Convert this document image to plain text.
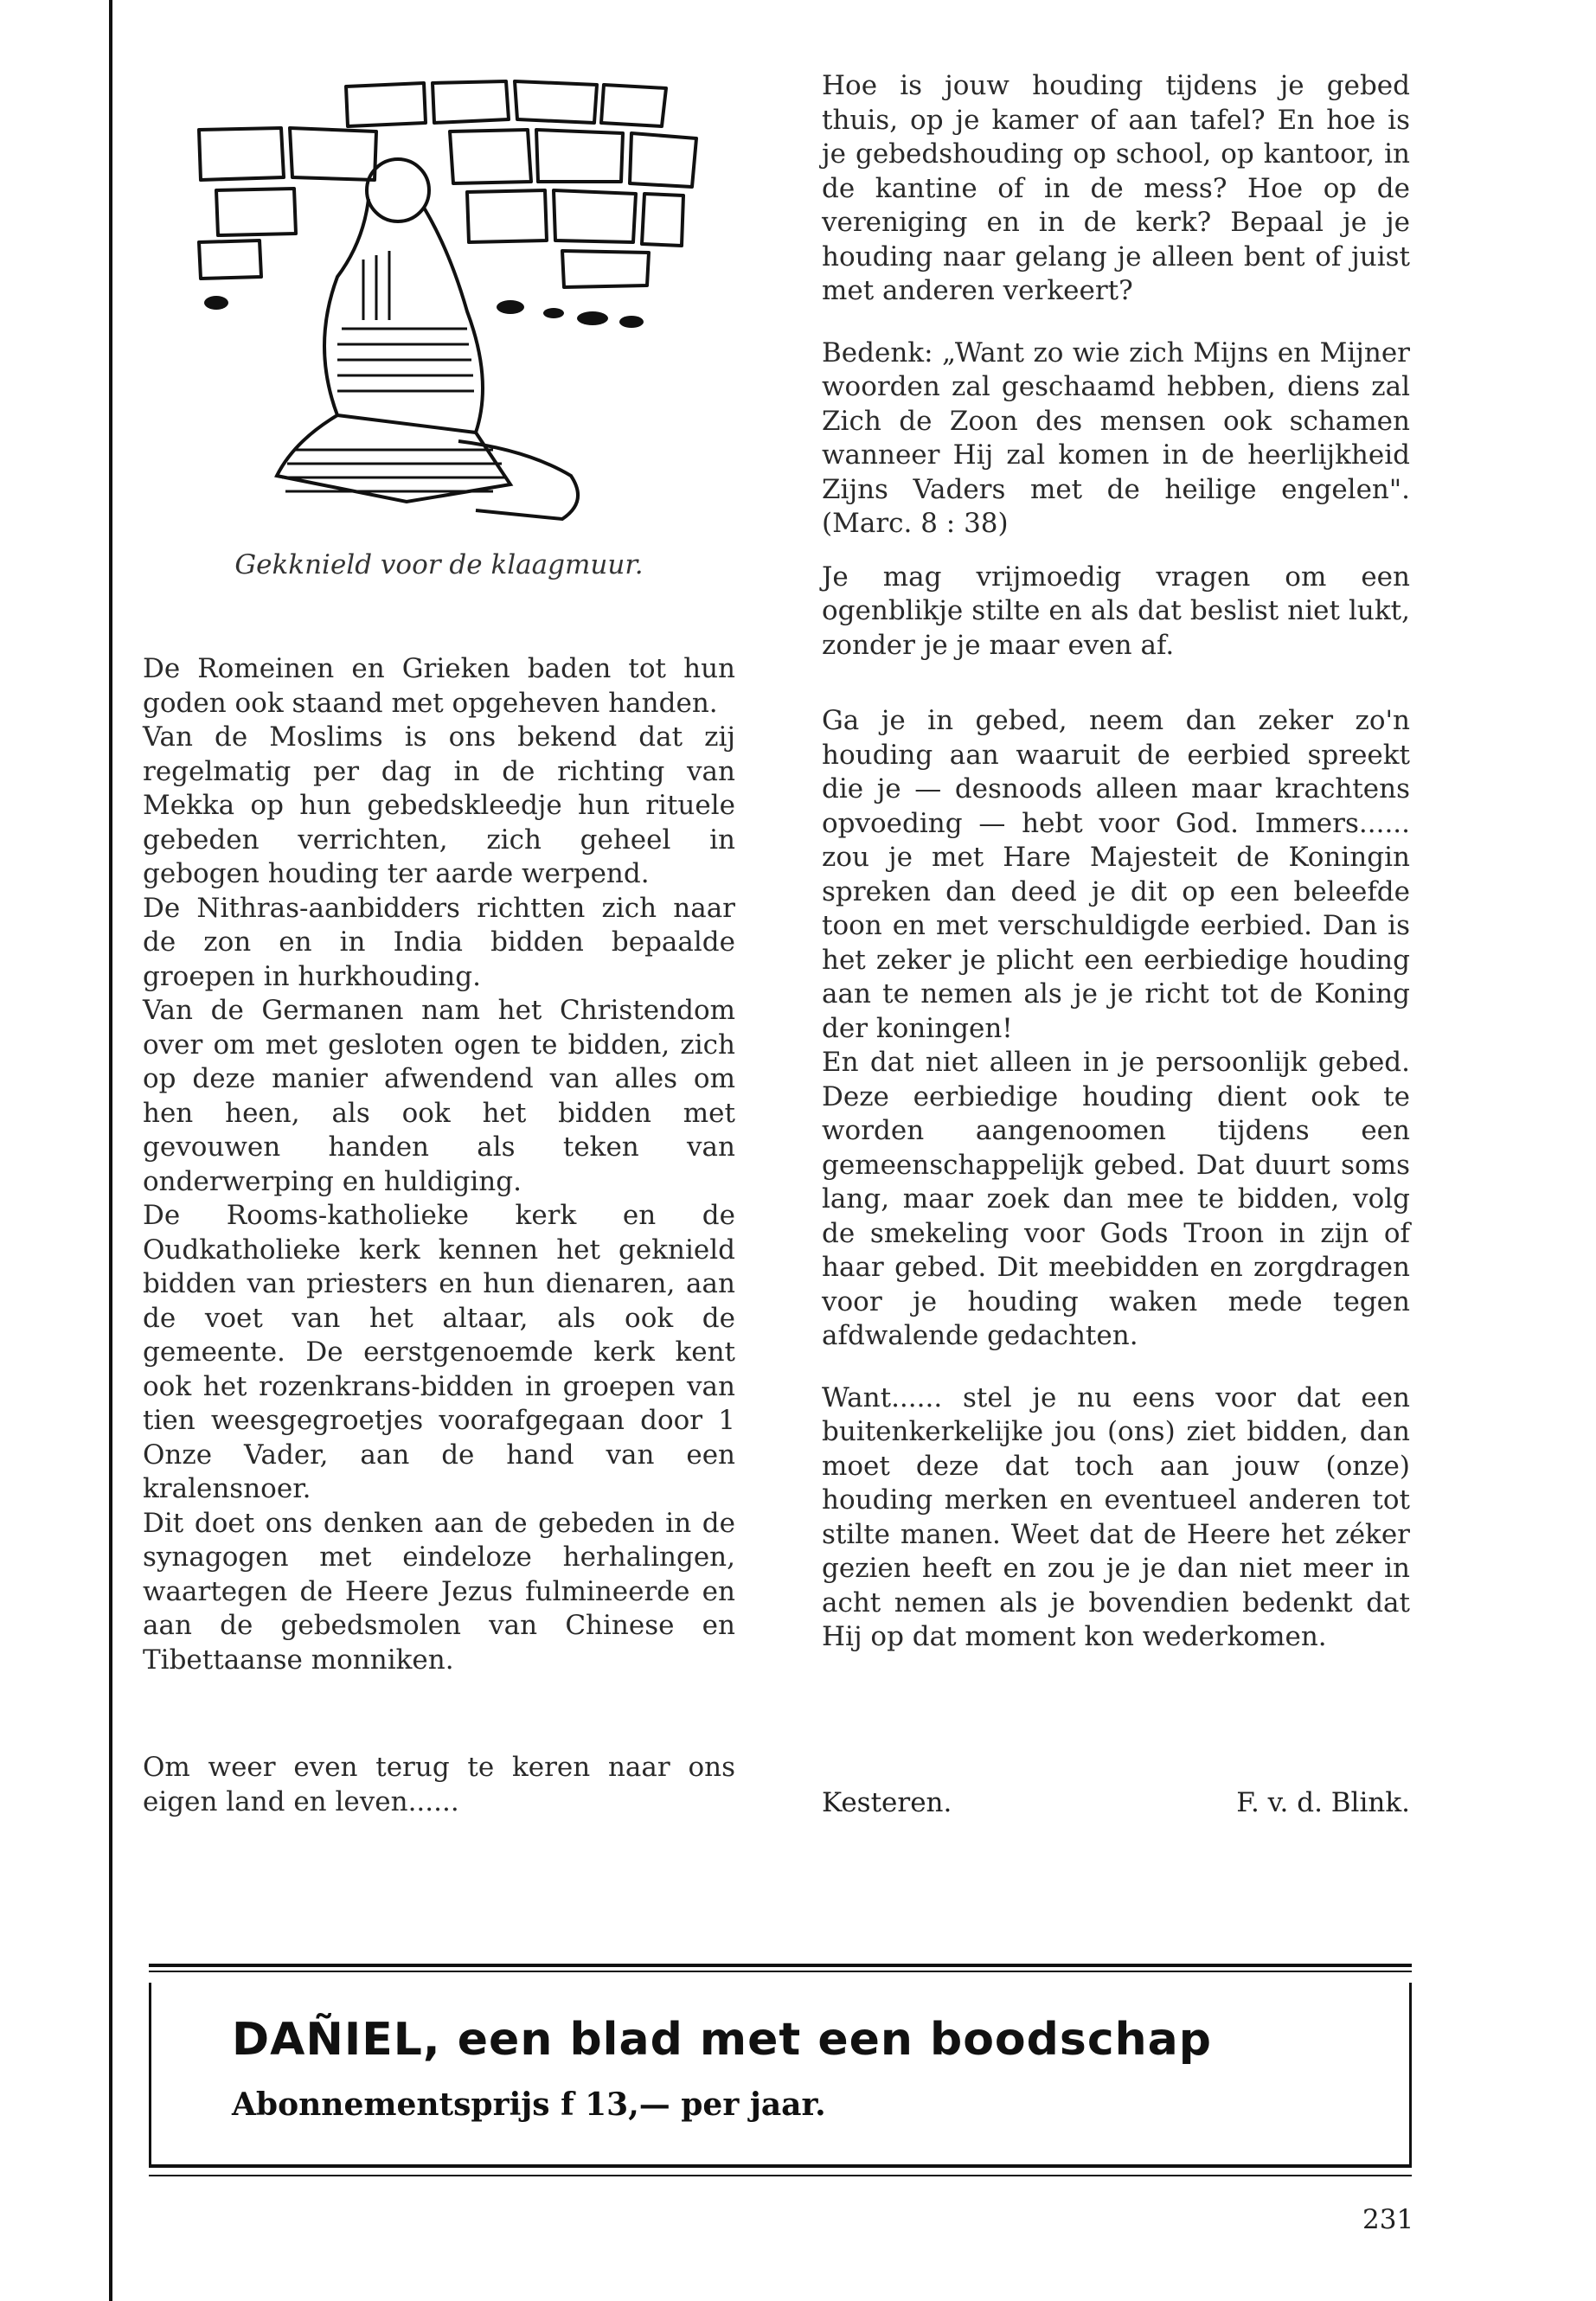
Gekknield voor de klaagmuur.

De Romeinen en Grieken baden tot hun goden ook staand met opgeheven handen.

Van de Moslims is ons bekend dat zij regelmatig per dag in de richting van Mekka op hun gebedskleedje hun rituele gebeden verrichten, zich geheel in gebogen houding ter aarde werpend.

De Nithras-aanbidders richtten zich naar de zon en in India bidden bepaalde groepen in hurkhouding.

Van de Germanen nam het Christendom over om met gesloten ogen te bidden, zich op deze manier afwendend van alles om hen heen, als ook het bidden met gevouwen handen als teken van onderwerping en huldiging.

De Rooms-katholieke kerk en de Oudkatholieke kerk kennen het geknield bidden van priesters en hun dienaren, aan de voet van het altaar, als ook de gemeente. De eerstgenoemde kerk kent ook het rozenkrans-bidden in groepen van tien weesgegroetjes voorafgegaan door 1 Onze Vader, aan de hand van een kralensnoer.

Dit doet ons denken aan de gebeden in de synagogen met eindeloze herhalingen, waartegen de Heere Jezus fulmineerde en aan de gebedsmolen van Chinese en Tibettaanse monniken.

Om weer even terug te keren naar ons eigen land en leven......

Hoe is jouw houding tijdens je gebed thuis, op je kamer of aan tafel? En hoe is je gebedshouding op school, op kantoor, in de kantine of in de mess? Hoe op de vereniging en in de kerk? Bepaal je je houding naar gelang je alleen bent of juist met anderen verkeert?

Bedenk: „Want zo wie zich Mijns en Mijner woorden zal geschaamd hebben, diens zal Zich de Zoon des mensen ook schamen wanneer Hij zal komen in de heerlijkheid Zijns Vaders met de heilige engelen". (Marc. 8 : 38)

Je mag vrijmoedig vragen om een ogenblikje stilte en als dat beslist niet lukt, zonder je je maar even af.

Ga je in gebed, neem dan zeker zo'n houding aan waaruit de eerbied spreekt die je — desnoods alleen maar krachtens opvoeding — hebt voor God. Immers...... zou je met Hare Majesteit de Koningin spreken dan deed je dit op een beleefde toon en met verschuldigde eerbied. Dan is het zeker je plicht een eerbiedige houding aan te nemen als je je richt tot de Koning der koningen!

En dat niet alleen in je persoonlijk gebed. Deze eerbiedige houding dient ook te worden aangenoomen tijdens een gemeenschappelijk gebed. Dat duurt soms lang, maar zoek dan mee te bidden, volg de smekeling voor Gods Troon in zijn of haar gebed. Dit meebidden en zorgdragen voor je houding waken mede tegen afdwalende gedachten.

Want...... stel je nu eens voor dat een buitenkerkelijke jou (ons) ziet bidden, dan moet deze dat toch aan jouw (onze) houding merken en eventueel anderen tot stilte manen. Weet dat de Heere het zéker gezien heeft en zou je je dan niet meer in acht nemen als je bovendien bedenkt dat Hij op dat moment kon wederkomen.

Kesteren.	F. v. d. Blink.
DAÑIEL, een blad met een boodschap
Abonnementsprijs f 13,— per jaar.
231
